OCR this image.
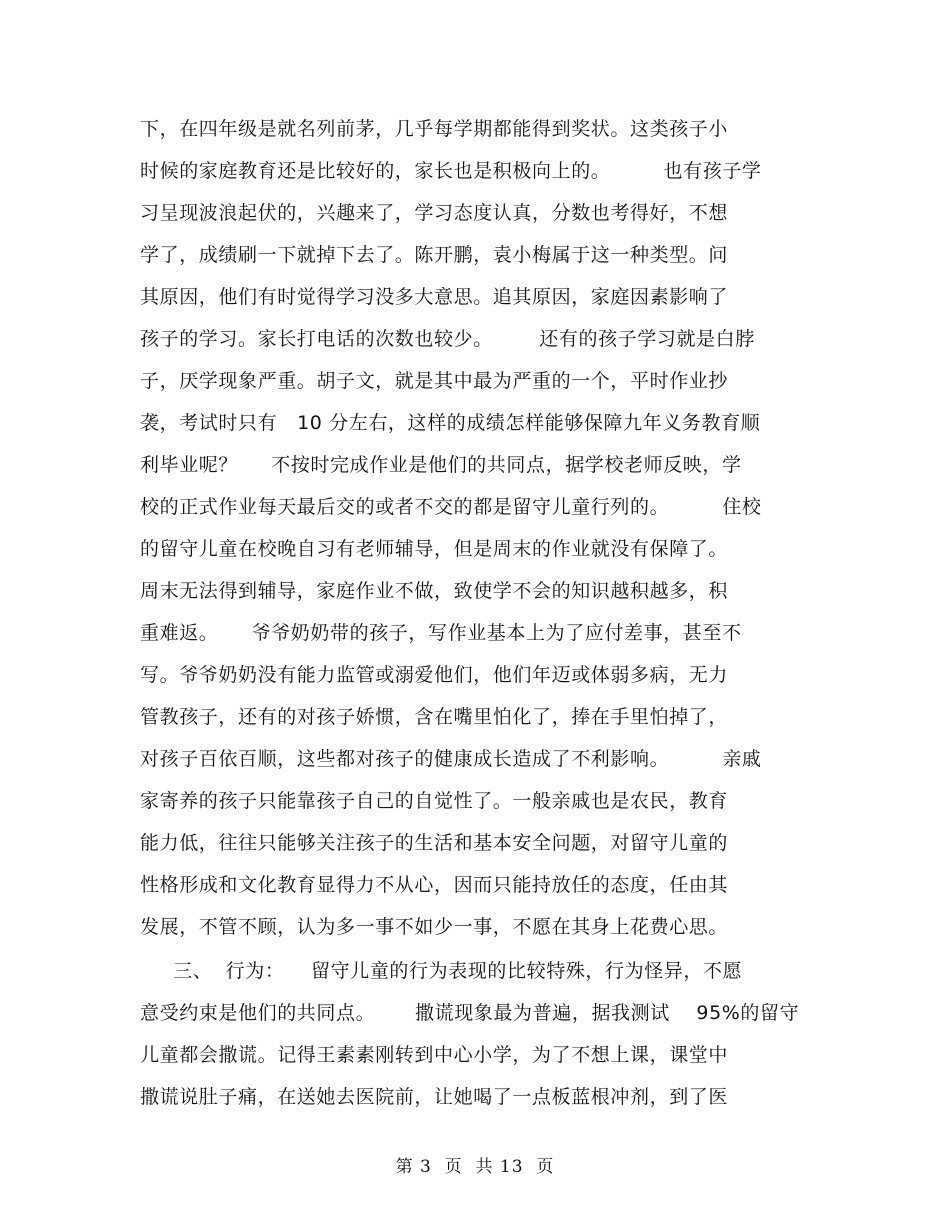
下，在四年级是就名列前茅，几乎每学期都能得到奖状。这类孩子小
时候的家庭教育还是比较好的，家长也是积极向上的。        也有孩子学
习呈现波浪起伏的，兴趣来了，学习态度认真，分数也考得好，不想
学了，成绩刷一下就掉下去了。陈开鹏，袁小梅属于这一种类型。问
其原因，他们有时觉得学习没多大意思。追其原因，家庭因素影响了
孩子的学习。家长打电话的次数也较少。       还有的孩子学习就是白脖
子，厌学现象严重。胡子文，就是其中最为严重的一个，平时作业抄
袭，考试时只有   10 分左右，这样的成绩怎样能够保障九年义务教育顺
利毕业呢？     不按时完成作业是他们的共同点，据学校老师反映，学
校的正式作业每天最后交的或者不交的都是留守儿童行列的。        住校
的留守儿童在校晚自习有老师辅导，但是周末的作业就没有保障了。
周末无法得到辅导，家庭作业不做，致使学不会的知识越积越多，积
重难返。     爷爷奶奶带的孩子，写作业基本上为了应付差事，甚至不
写。爷爷奶奶没有能力监管或溺爱他们，他们年迈或体弱多病，无力
管教孩子，还有的对孩子娇惯，含在嘴里怕化了，捧在手里怕掉了，
对孩子百依百顺，这些都对孩子的健康成长造成了不利影响。        亲戚
家寄养的孩子只能靠孩子自己的自觉性了。一般亲戚也是农民，教育
能力低，往往只能够关注孩子的生活和基本安全问题，对留守儿童的
性格形成和文化教育显得力不从心，因而只能持放任的态度，任由其
发展，不管不顾，认为多一事不如少一事，不愿在其身上花费心思。
三、  行为：    留守儿童的行为表现的比较特殊，行为怪异，不愿
意受约束是他们的共同点。      撒谎现象最为普遍，据我测试    95%的留守
儿童都会撒谎。记得王素素刚转到中心小学，为了不想上课，课堂中
撒谎说肚子痛，在送她去医院前，让她喝了一点板蓝根冲剂，到了医
第 3  页  共 13  页
